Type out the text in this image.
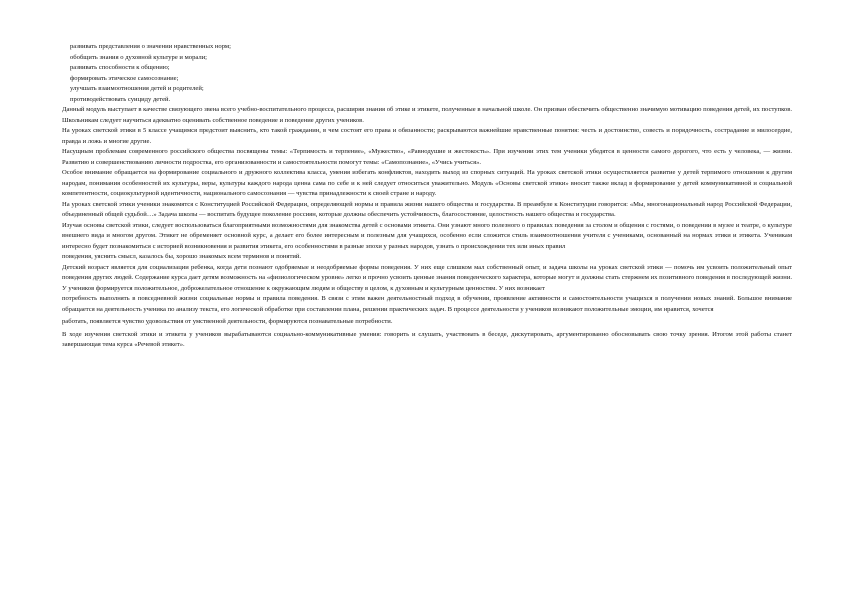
развивать представления о значении нравственных норм;
обобщить знания о духовной культуре и морали;
развивать способности к общению;
формировать этическое самосознание;
улучшать взаимоотношения детей и родителей;
противодействовать суициду детей.

Данный модуль выступает в качестве связующего звена всего учебно-воспитательного процесса, расширяя знания об этике и этикете, полученные в начальной школе. Он призван обеспечить общественно значимую мотивацию поведения детей, их поступков. Школьникам следует научиться адекватно оценивать собственное поведение и поведение других учеников.

На уроках светской этики в 5 классе учащимся предстоит выяснить, кто такой гражданин, в чем состоят его права и обязанности; раскрываются важнейшие нравственные понятия: честь и достоинство, совесть и порядочность, сострадание и милосердие, правда и ложь и многие другие.

Насущным проблемам современного российского общества посвящены темы: «Терпимость и терпение», «Мужество», «Равнодушие и жестокость». При изучении этих тем ученики убедятся в ценности самого дорогого, что есть у человека, — жизни. Развитию и совершенствованию личности подростка, его организованности и самостоятельности помогут темы: «Самопознание», «Учись учиться».

Особое внимание обращается на формирование социального и дружного коллектива класса, умения избегать конфликтов, находить выход из спорных ситуаций. На уроках светской этики осуществляется развитие у детей терпимого отношения к другим народам, понимания особенностей их культуры, веры, культуры каждого народа ценна сама по себе и к ней следует относиться уважительно. Модуль «Основы светской этики» вносит также вклад в формирование у детей коммуникативной и социальной компетентности, социокультурной идентичности, национального самосознания — чувства принадлежности к своей стране и народу.

На уроках светской этики ученики знакомятся с Конституцией Российской Федерации, определяющей нормы и правила жизни нашего общества и государства. В преамбуле к Конституции говорится: «Мы, многонациональный народ Российской Федерации, объединенный общей судьбой…» Задача школы — воспитать будущее поколение россиян, которые должны обеспечить устойчивость, благосостояние, целостность нашего общества и государства.

Изучая основы светской этики, следует воспользоваться благоприятными возможностями для знакомства детей с основами этикета. Они узнают много полезного о правилах поведения за столом и общения с гостями, о поведении в музее и театре, о культуре внешнего вида и многом другом. Этикет не обременяет основной курс, а делает его более интересным и полезным для учащихся, особенно если сложится стиль взаимоотношения учителя с учениками, основанный на нормах этики и этикета. Ученикам интересно будет познакомиться с историей возникновения и развития этикета, его особенностями в разные эпохи у разных народов, узнать о происхождении тех или иных правил

поведения, уяснить смысл, казалось бы, хорошо знакомых всем терминов и понятий.

Детский возраст является для социализации ребенка, когда дети познают одобряемые и неодобряемые формы поведения. У них еще слишком мал собственный опыт, и задача школы на уроках светской этики — помочь им усвоить положительный опыт поведения других людей. Содержание курса дает детям возможность на «физиологическом уровне» легко и прочно усвоить ценные знания поведенческого характера, которые могут и должны стать стержнем их позитивного поведения в последующей жизни. У учеников формируется положительное, доброжелательное отношение к окружающим людям и обществу в целом, к духовным и культурным ценностям. У них возникает

потребность выполнять в повседневной жизни социальные нормы и правила поведения. В связи с этим важен деятельностный подход в обучении, проявление активности и самостоятельности учащихся в получении новых знаний. Большое внимание обращается на деятельность ученика по анализу текста, его логической обработке при составлении плана, решении практических задач. В процессе деятельности у учеников возникают положительные эмоции, им нравится, хочется

работать, появляется чувство удовольствия от умственной деятельности, формируются познавательные потребности.

В ходе изучения светской этики и этикета у учеников вырабатываются социально-коммуникативные умения: говорить и слушать, участвовать в беседе, дискутировать, аргументированно обосновывать свою точку зрения. Итогом этой работы станет завершающая тема курса «Речевой этикет».
